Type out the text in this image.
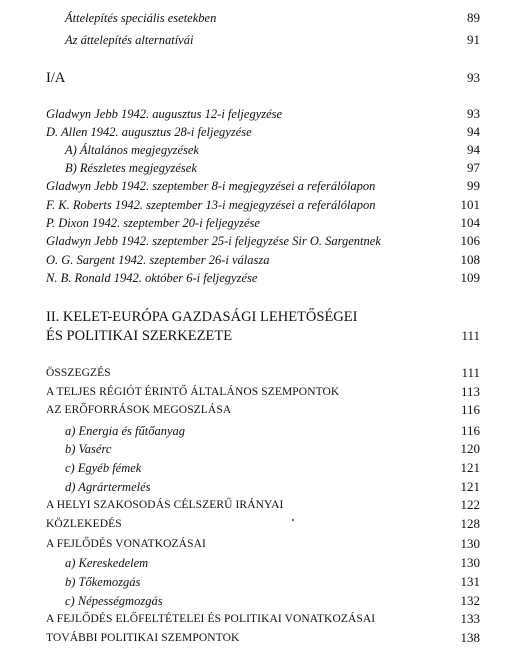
Áttelepítés speciális esetekben	89
Az áttelepítés alternatívái	91
I/A	93
Gladwyn Jebb 1942. augusztus 12-i feljegyzése	93
D. Allen 1942. augusztus 28-i feljegyzése	94
A) Általános megjegyzések	94
B) Részletes megjegyzések	97
Gladwyn Jebb 1942. szeptember 8-i megjegyzései a referálólapon	99
F. K. Roberts 1942. szeptember 13-i megjegyzései a referálólapon	101
P. Dixon 1942. szeptember 20-i feljegyzése	104
Gladwyn Jebb 1942. szeptember 25-i feljegyzése Sir O. Sargentnek	106
O. G. Sargent 1942. szeptember 26-i válasza	108
N. B. Ronald 1942. október 6-i feljegyzése	109
II. KELET-EURÓPA GAZDASÁGI LEHETŐSÉGEI
ÉS POLITIKAI SZERKEZETE	111
ÖSSZEGZÉS	111
A TELJES RÉGIÓT ÉRINTŐ ÁLTALÁNOS SZEMPONTOK	113
AZ ERŐFORRÁSOK MEGOSZLÁSA	116
a) Energia és fűtőanyag	116
b) Vasérc	120
c) Egyéb fémek	121
d) Agrártermelés	121
A HELYI SZAKOSODÁS CÉLSZERŰ IRÁNYAI	122
KÖZLEKEDÉS	128
A FEJLŐDÉS VONATKOZÁSAI	130
a) Kereskedelem	130
b) Tőkemozgás	131
c) Népességmozgás	132
A FEJLŐDÉS ELŐFELTÉTELEI ÉS POLITIKAI VONATKOZÁSAI	133
TOVÁBBI POLITIKAI SZEMPONTOK	138
